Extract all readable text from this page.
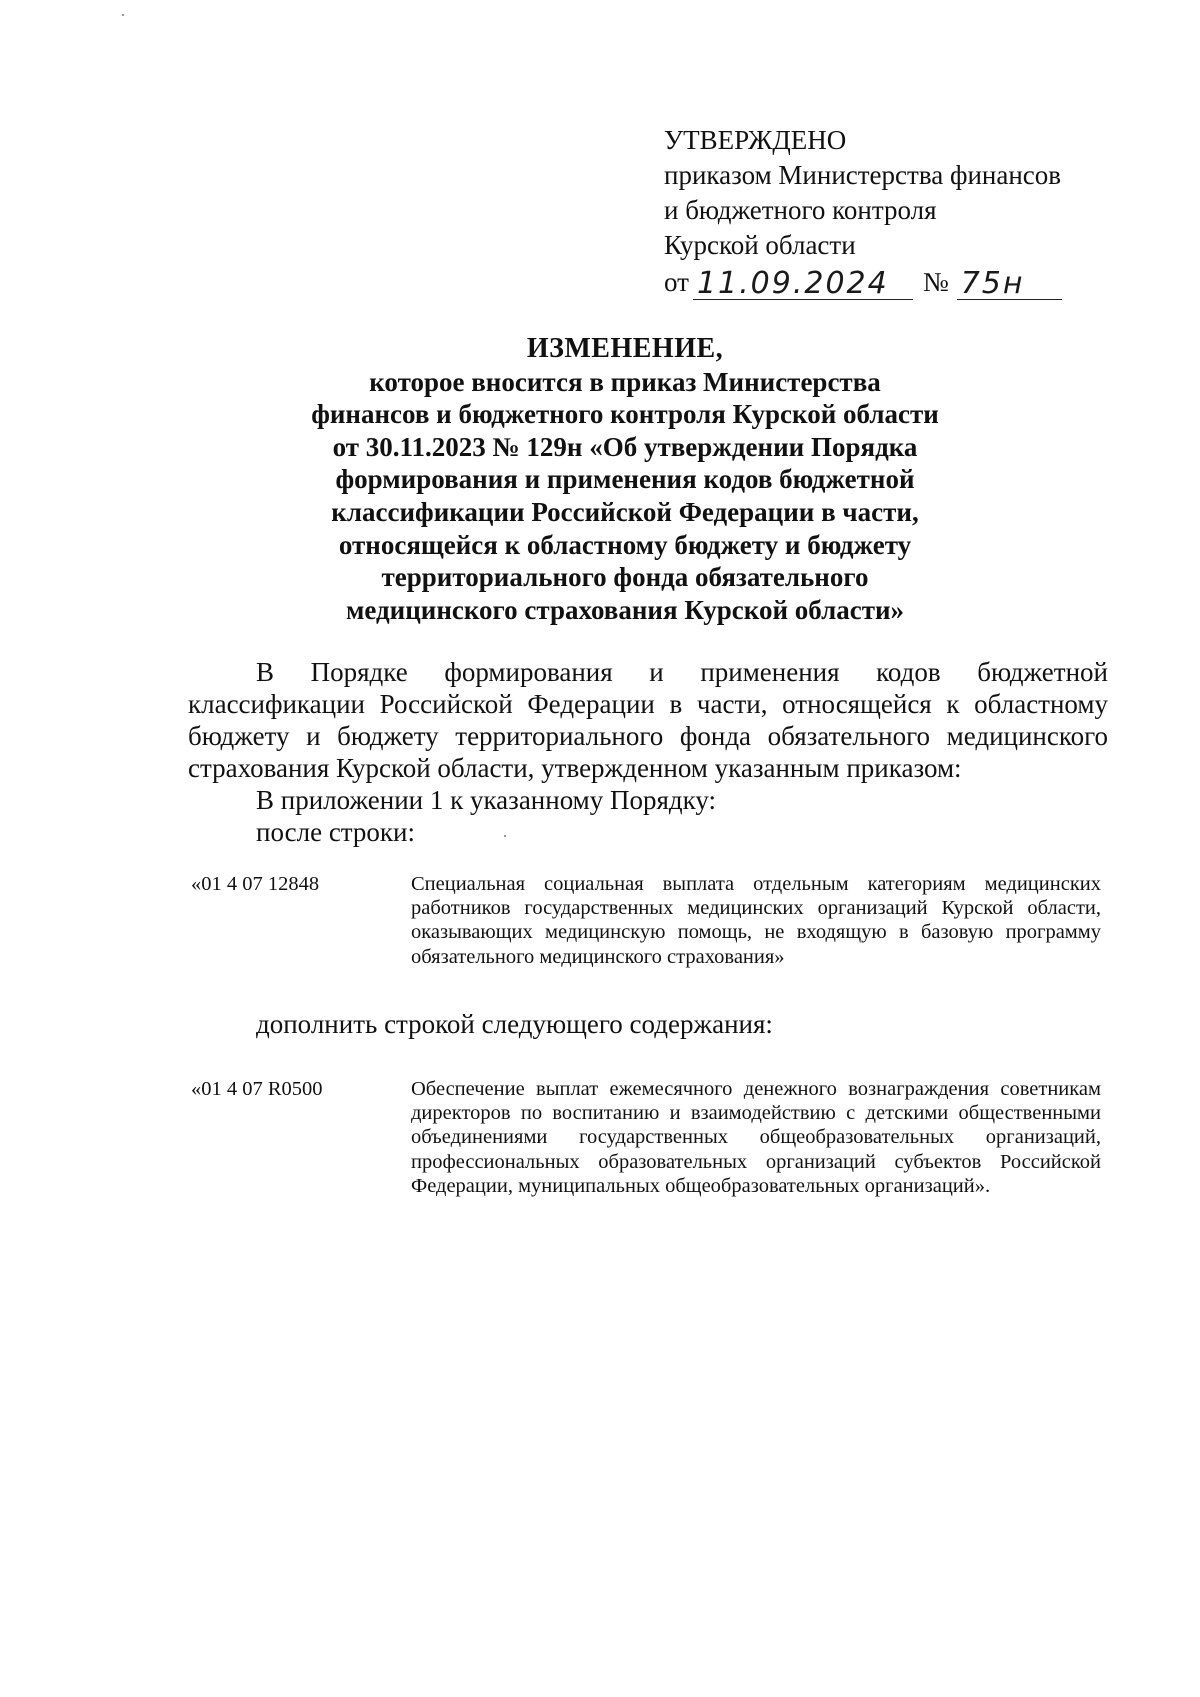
УТВЕРЖДЕНО
приказом Министерства финансов
и бюджетного контроля
Курской области
от 11.09.2024	№ 75н
ИЗМЕНЕНИЕ,
которое вносится в приказ Министерства
финансов и бюджетного контроля Курской области
от 30.11.2023 № 129н «Об утверждении Порядка
формирования и применения кодов бюджетной
классификации Российской Федерации в части,
относящейся к областному бюджету и бюджету
территориального фонда обязательного
медицинского страхования Курской области»

В Порядке формирования и применения кодов бюджетной классификации Российской Федерации в части, относящейся к областному бюджету и бюджету территориального фонда обязательного медицинского страхования Курской области, утвержденном указанным приказом:

В приложении 1 к указанному Порядку:

после строки:

«01 4 07 12848	Специальная социальная выплата отдельным категориям медицинских работников государственных медицинских организаций Курской области, оказывающих медицинскую помощь, не входящую в базовую программу обязательного медицинского страхования»
дополнить строкой следующего содержания:
«01 4 07 R0500	Обеспечение выплат ежемесячного денежного вознаграждения советникам директоров по воспитанию и взаимодействию с детскими общественными объединениями государственных общеобразовательных организаций, профессиональных образовательных организаций субъектов Российской Федерации, муниципальных общеобразовательных организаций».
